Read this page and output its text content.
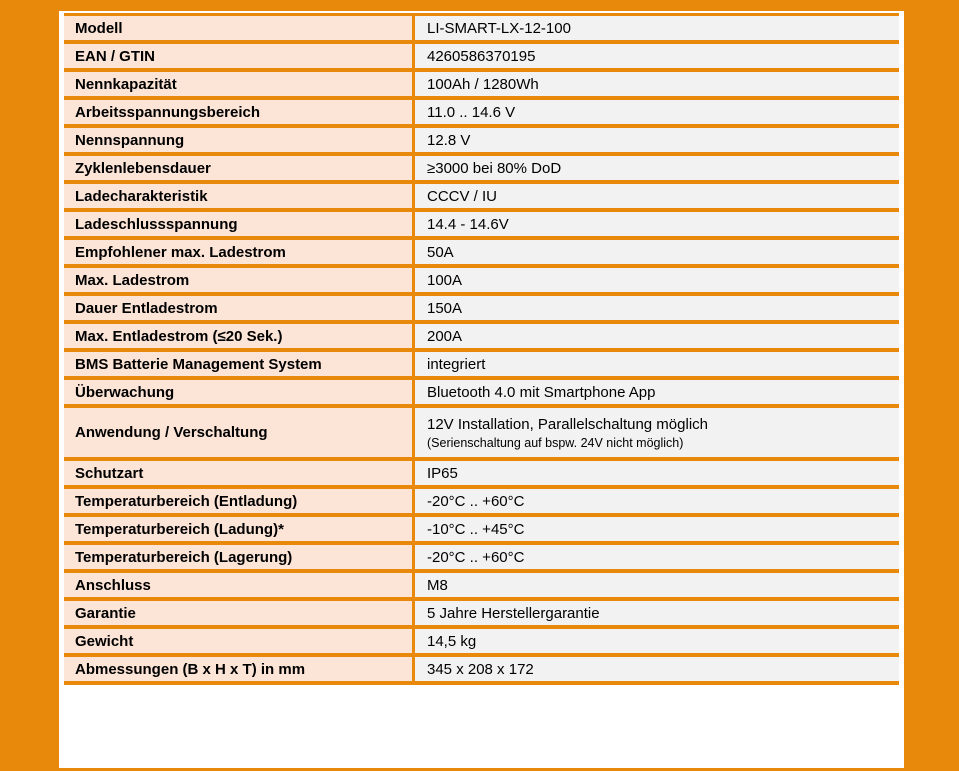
Modell	LI-SMART-LX-12-100
EAN / GTIN	4260586370195
Nennkapazität	100Ah / 1280Wh
Arbeitsspannungsbereich	11.0 .. 14.6 V
Nennspannung	12.8 V
Zyklenlebensdauer	≥3000 bei 80% DoD
Ladecharakteristik	CCCV / IU
Ladeschlussspannung	14.4 - 14.6V
Empfohlener max. Ladestrom	50A
Max. Ladestrom	100A
Dauer Entladestrom	150A
Max. Entladestrom (≤20 Sek.)	200A
BMS Batterie Management System	integriert
Überwachung	Bluetooth 4.0 mit Smartphone App
Anwendung / Verschaltung	12V Installation, Parallelschaltung möglich
(Serienschaltung auf bspw. 24V nicht möglich)

Schutzart	IP65
Temperaturbereich (Entladung)	-20°C .. +60°C
Temperaturbereich (Ladung)*	-10°C .. +45°C
Temperaturbereich (Lagerung)	-20°C .. +60°C
Anschluss	M8
Garantie	5 Jahre Herstellergarantie
Gewicht	14,5 kg
Abmessungen (B x H x T) in mm	345 x 208 x 172
